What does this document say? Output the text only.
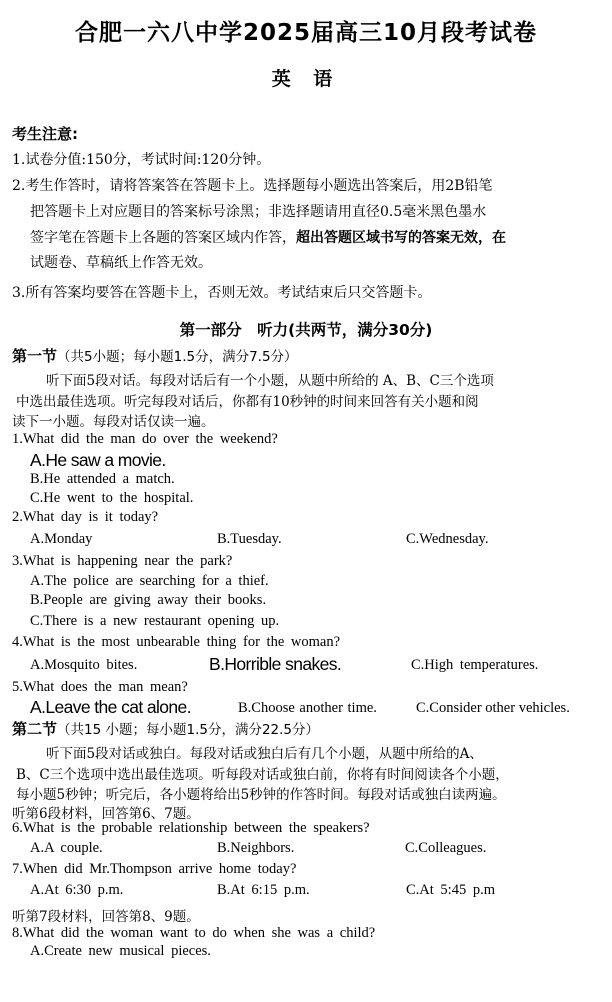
合肥一六八中学2025届高三10月段考试卷
英 语
考生注意:
1.试卷分值:150分，考试时间:120分钟。
2.考生作答时，请将答案答在答题卡上。选择题每小题选出答案后，用2B铅笔
把答题卡上对应题目的答案标号涂黑；非选择题请用直径0.5毫米黑色墨水
签字笔在答题卡上各题的答案区域内作答，超出答题区域书写的答案无效，在
试题卷、草稿纸上作答无效。
3.所有答案均要答在答题卡上，否则无效。考试结束后只交答题卡。
第一部分　听力(共两节，满分30分)
第一节（共5小题；每小题1.5分，满分7.5分）
听下面5段对话。每段对话后有一个小题，从题中所给的 A、B、C三个选项
中选出最佳选项。听完每段对话后，你都有10秒钟的时间来回答有关小题和阅
读下一小题。每段对话仅读一遍。
1.What did the man do over the weekend?
A.He saw a movie.
B.He attended a match.
C.He went to the hospital.
2.What day is it today?
A.Monday	B.Tuesday.	C.Wednesday.
3.What is happening near the park?
A.The police are searching for a thief.
B.People are giving away their books.
C.There is a new restaurant opening up.
4.What is the most unbearable thing for the woman?
A.Mosquito bites.	B.Horrible snakes.	C.High temperatures.
5.What does the man mean?
A.Leave the cat alone.	B.Choose another time.	C.Consider other vehicles.
第二节（共15 小题；每小题1.5分，满分22.5分）
听下面5段对话或独白。每段对话或独白后有几个小题，从题中所给的A、
B、C三个选项中选出最佳选项。听每段对话或独白前，你将有时间阅读各个小题，
每小题5秒钟；听完后，各小题将给出5秒钟的作答时间。每段对话或独白读两遍。
听第6段材料，回答第6、7题。
6.What is the probable relationship between the speakers?
A.A couple.	B.Neighbors.	C.Colleagues.
7.When did Mr.Thompson arrive home today?
A.At 6:30 p.m.	B.At 6:15 p.m.	C.At 5:45 p.m
听第7段材料，回答第8、9题。
8.What did the woman want to do when she was a child?
A.Create new musical pieces.
